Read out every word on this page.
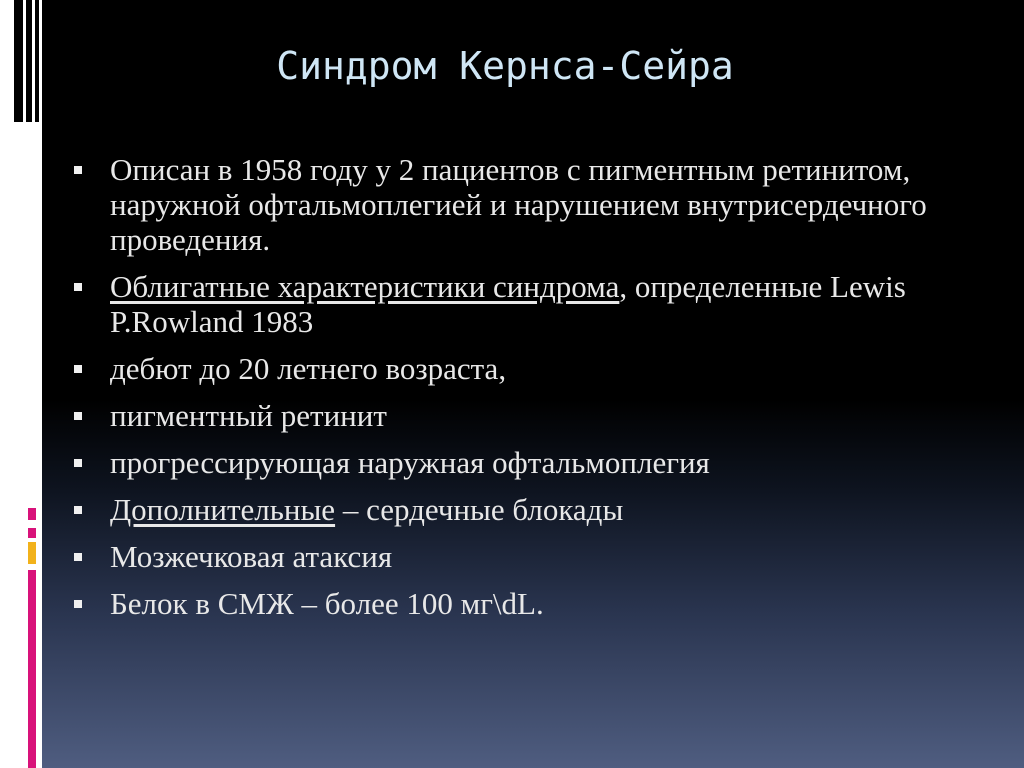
Синдром Кернса-Сейра
Описан в 1958 году у 2 пациентов с пигментным ретинитом, наружной офтальмоплегией и нарушением внутрисердечного проведения.
Облигатные характеристики синдрома, определенные Lewis P.Rowland 1983
дебют до 20 летнего возраста,
пигментный ретинит
прогрессирующая наружная офтальмоплегия
Дополнительные – сердечные блокады
Мозжечковая атаксия
Белок в СМЖ – более 100 мг\dL.
